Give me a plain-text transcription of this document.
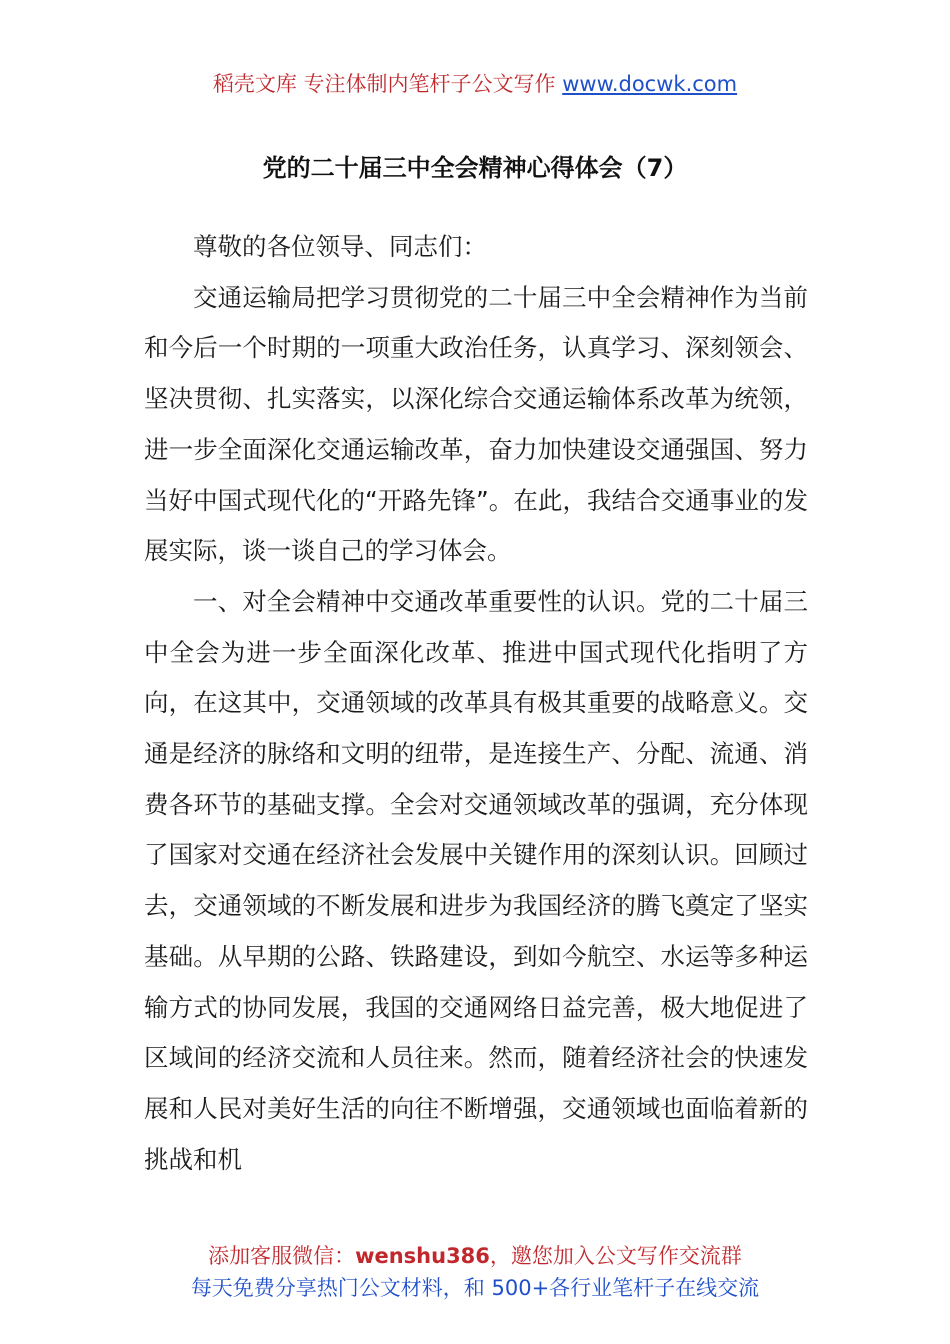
稻壳文库 专注体制内笔杆子公文写作 www.docwk.com
党的二十届三中全会精神心得体会（7）

尊敬的各位领导、同志们：

交通运输局把学习贯彻党的二十届三中全会精神作为当前和今后一个时期的一项重大政治任务，认真学习、深刻领会、坚决贯彻、扎实落实，以深化综合交通运输体系改革为统领，进一步全面深化交通运输改革，奋力加快建设交通强国、努力当好中国式现代化的“开路先锋”。在此，我结合交通事业的发展实际，谈一谈自己的学习体会。

一、对全会精神中交通改革重要性的认识。党的二十届三中全会为进一步全面深化改革、推进中国式现代化指明了方向，在这其中，交通领域的改革具有极其重要的战略意义。交通是经济的脉络和文明的纽带，是连接生产、分配、流通、消费各环节的基础支撑。全会对交通领域改革的强调，充分体现了国家对交通在经济社会发展中关键作用的深刻认识。回顾过去，交通领域的不断发展和进步为我国经济的腾飞奠定了坚实基础。从早期的公路、铁路建设，到如今航空、水运等多种运输方式的协同发展，我国的交通网络日益完善，极大地促进了区域间的经济交流和人员往来。然而，随着经济社会的快速发展和人民对美好生活的向往不断增强，交通领域也面临着新的挑战和机

添加客服微信：wenshu386，邀您加入公文写作交流群
每天免费分享热门公文材料，和 500+各行业笔杆子在线交流
